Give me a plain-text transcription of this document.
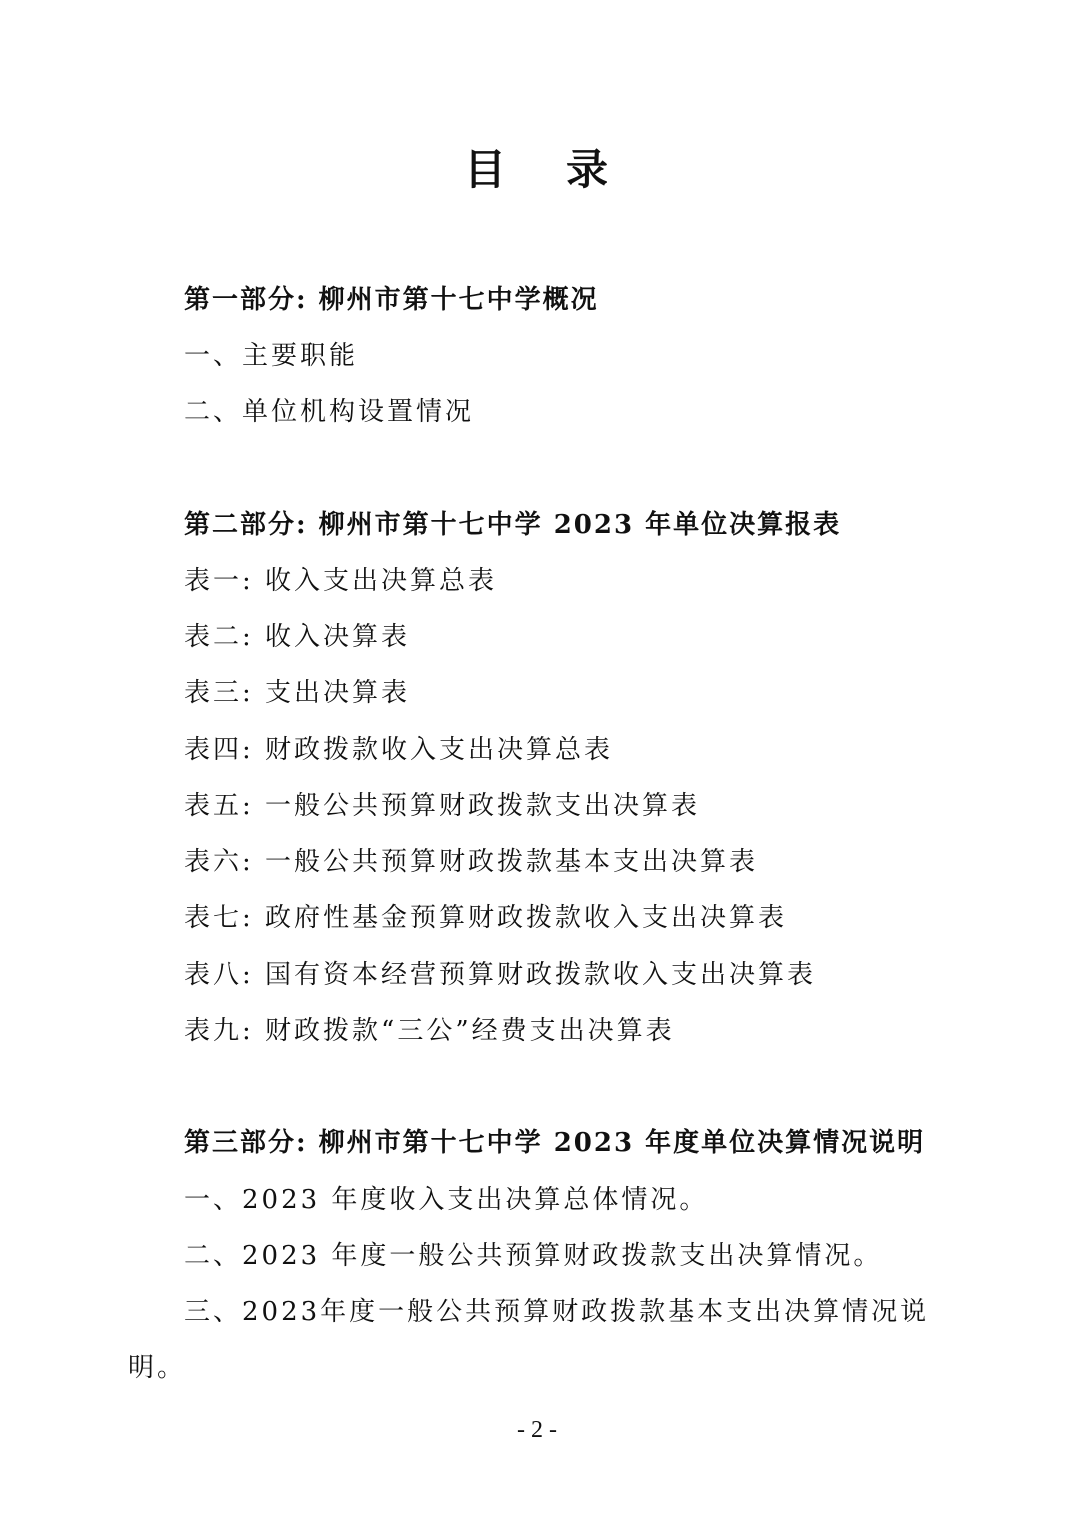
目 录
第一部分: 柳州市第十七中学概况
一、主要职能
二、单位机构设置情况
第二部分: 柳州市第十七中学 2023 年单位决算报表
表一: 收入支出决算总表
表二: 收入决算表
表三: 支出决算表
表四: 财政拨款收入支出决算总表
表五: 一般公共预算财政拨款支出决算表
表六: 一般公共预算财政拨款基本支出决算表
表七: 政府性基金预算财政拨款收入支出决算表
表八: 国有资本经营预算财政拨款收入支出决算表
表九: 财政拨款“三公”经费支出决算表
第三部分: 柳州市第十七中学 2023 年度单位决算情况说明
一、2023 年度收入支出决算总体情况。
二、2023 年度一般公共预算财政拨款支出决算情况。
三、2023年度一般公共预算财政拨款基本支出决算情况说
明。
- 2 -
